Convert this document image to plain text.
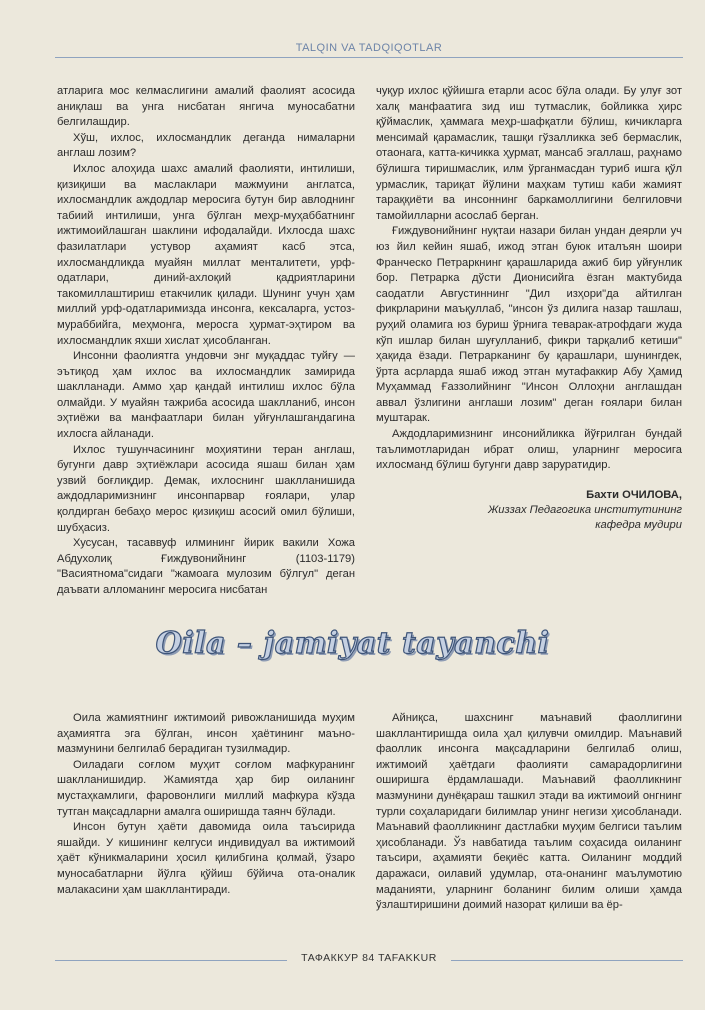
TALQIN VA TADQIQOTLAR

атларига мос келмаслигини амалий фаолият асосида аниқлаш ва унга нисбатан янгича муносабатни белгилашдир.

Хўш, ихлос, ихлосмандлик деганда нималарни англаш лозим?

Ихлос алоҳида шахс амалий фаолияти, интилиши, қизиқиши ва маслаклари мажмуини англатса, ихлосмандлик аждодлар меросига бутун бир авлоднинг табиий интилиши, унга бўлган меҳр-муҳаббатнинг ижтимоийлашган шаклини ифодалайди. Ихлосда шахс фазилатлари устувор аҳамият касб этса, ихлосмандликда муайян миллат менталитети, урф-одатлари, диний-ахлоқий қадриятларини такомиллаштириш етакчилик қилади. Шунинг учун ҳам миллий урф-одатларимизда инсонга, кексаларга, устоз-мураббийга, меҳмонга, меросга ҳурмат-эҳтиром ва ихлосмандлик яхши хислат ҳисобланган.

Инсонни фаолиятга ундовчи энг муқаддас туйғу — эътиқод ҳам ихлос ва ихлосмандлик замирида шаклланади. Аммо ҳар қандай интилиш ихлос бўла олмайди. У муайян тажриба асосида шаклланиб, инсон эҳтиёжи ва манфаатлари билан уйғунлашгандагина ихлосга айланади.

Ихлос тушунчасининг моҳиятини теран англаш, бугунги давр эҳтиёжлари асосида яшаш билан ҳам узвий боғлиқдир. Демак, ихлоснинг шаклланишида аждодларимизнинг инсонпарвар ғоялари, улар қолдирган бебаҳо мерос қизиқиш асосий омил бўлиши, шубҳасиз.

Хусусан, тасаввуф илмининг йирик вакили Хожа Абдухолиқ Ғиждувонийнинг (1103-1179) "Васиятнома"сидаги "жамоага мулозим бўлгул" деган даъвати алломанинг меросига нисбатан

чуқур ихлос қўйишга етарли асос бўла олади. Бу улуғ зот халқ манфаатига зид иш тутмаслик, бойликка ҳирс қўймаслик, ҳаммага меҳр-шафқатли бўлиш, кичикларга менсимай қарамаслик, ташқи гўзалликка зеб бермаслик, отаонага, катта-кичикка ҳурмат, мансаб эгаллаш, раҳнамо бўлишга тиришмаслик, илм ўрганмасдан туриб ишга қўл урмаслик, тариқат йўлини маҳкам тутиш каби жамият тараққиёти ва инсоннинг баркамоллигини белгиловчи тамойилларни асослаб берган.

Ғиждувонийнинг нуқтаи назари билан ундан деярли уч юз йил кейин яшаб, ижод этган буюк италъян шоири Франческо Петраркнинг қарашларида ажиб бир уйғунлик бор. Петрарка дўсти Дионисийга ёзган мактубида саодатли Августиннинг "Дил изҳори"да айтилган фикрларини маъқуллаб, "инсон ўз дилига назар ташлаш, руҳий оламига юз буриш ўрнига теварак-атрофдаги жуда кўп ишлар билан шуғулланиб, фикри тарқалиб кетиши" ҳақида ёзади. Петрарканинг бу қарашлари, шунингдек, ўрта асрларда яшаб ижод этган мутафаккир Абу Ҳамид Муҳаммад Ғаззолийнинг "Инсон Оллоҳни англашдан аввал ўзлигини англаши лозим" деган ғоялари билан муштарак.

Аждодларимизнинг инсонийликка йўғрилган бундай таълимотларидан ибрат олиш, уларнинг меросига ихлосманд бўлиш бугунги давр заруратидир.

Бахти ОЧИЛОВА,
Жиззах Педагогика институтининг
кафедра мудири
Oila – jamiyat tayanchi

Оила жамиятнинг ижтимоий ривожланишида муҳим аҳамиятга эга бўлган, инсон ҳаётининг маъно-мазмунини белгилаб берадиган тузилмадир.

Оиладаги соғлом муҳит соғлом мафкуранинг шаклланишидир. Жамиятда ҳар бир оиланинг мустаҳкамлиги, фаровонлиги миллий мафкура кўзда тутган мақсадларни амалга оширишда таянч бўлади.

Инсон бутун ҳаёти давомида оила таъсирида яшайди. У кишининг келгуси индивидуал ва ижтимоий ҳаёт кўникмаларини ҳосил қилибгина қолмай, ўзаро муносабатларни йўлга қўйиш бўйича ота-оналик малакасини ҳам шакллантиради.

Айниқса, шахснинг маънавий фаоллигини шакллантиришда оила ҳал қилувчи омилдир. Маънавий фаоллик инсонга мақсадларини белгилаб олиш, ижтимоий ҳаётдаги фаолияти самарадорлигини оширишга ёрдамлашади. Маънавий фаолликнинг мазмунини дунёқараш ташкил этади ва ижтимоий онгнинг турли соҳаларидаги билимлар унинг негизи ҳисобланади. Маънавий фаолликнинг дастлабки муҳим белгиси таълим ҳисобланади. Ўз навбатида таълим соҳасида оиланинг таъсири, аҳамияти беқиёс катта. Оиланинг моддий даражаси, оилавий удумлар, ота-онанинг маълумотию маданияти, уларнинг боланинг билим олиши ҳамда ўзлаштиришини доимий назорат қилиши ва ёр-

ТАФАККУР 84 TAFAKKUR
